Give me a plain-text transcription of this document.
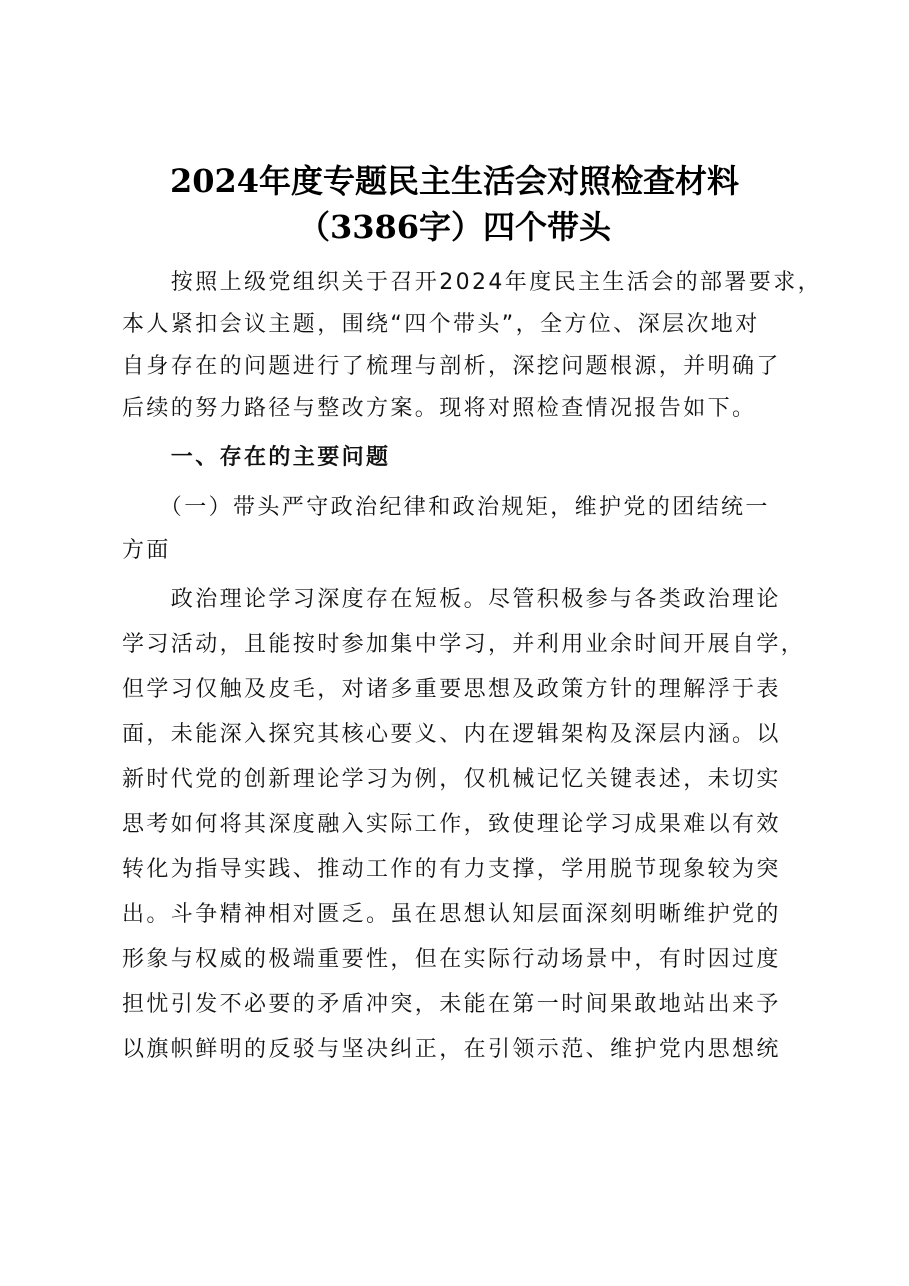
2024年度专题民主生活会对照检查材料
（3386字）四个带头
　　按照上级党组织关于召开2024年度民主生活会的部署要求，
本人紧扣会议主题，围绕“四个带头”，全方位、深层次地对
自身存在的问题进行了梳理与剖析，深挖问题根源，并明确了
后续的努力路径与整改方案。现将对照检查情况报告如下。
　　一、存在的主要问题
　　（一）带头严守政治纪律和政治规矩，维护党的团结统一
方面
　　政治理论学习深度存在短板。尽管积极参与各类政治理论
学习活动，且能按时参加集中学习，并利用业余时间开展自学，
但学习仅触及皮毛，对诸多重要思想及政策方针的理解浮于表
面，未能深入探究其核心要义、内在逻辑架构及深层内涵。以
新时代党的创新理论学习为例，仅机械记忆关键表述，未切实
思考如何将其深度融入实际工作，致使理论学习成果难以有效
转化为指导实践、推动工作的有力支撑，学用脱节现象较为突
出。斗争精神相对匮乏。虽在思想认知层面深刻明晰维护党的
形象与权威的极端重要性，但在实际行动场景中，有时因过度
担忧引发不必要的矛盾冲突，未能在第一时间果敢地站出来予
以旗帜鲜明的反驳与坚决纠正，在引领示范、维护党内思想统
